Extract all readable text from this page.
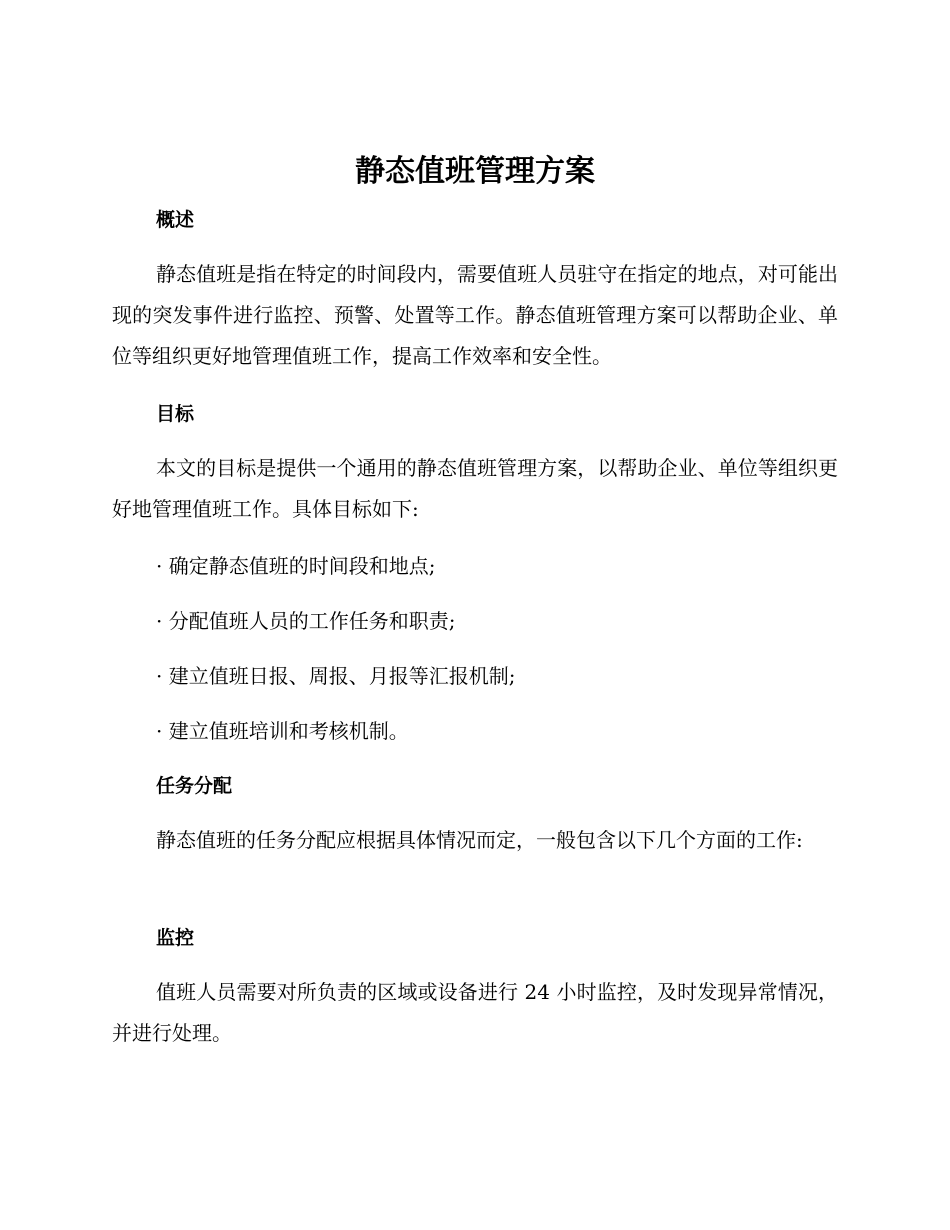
静态值班管理方案
概述

静态值班是指在特定的时间段内，需要值班人员驻守在指定的地点，对可能出现的突发事件进行监控、预警、处置等工作。静态值班管理方案可以帮助企业、单位等组织更好地管理值班工作，提高工作效率和安全性。

目标

本文的目标是提供一个通用的静态值班管理方案，以帮助企业、单位等组织更好地管理值班工作。具体目标如下:

· 确定静态值班的时间段和地点;

· 分配值班人员的工作任务和职责;

· 建立值班日报、周报、月报等汇报机制;

· 建立值班培训和考核机制。

任务分配

静态值班的任务分配应根据具体情况而定，一般包含以下几个方面的工作:

监控

值班人员需要对所负责的区域或设备进行 24 小时监控，及时发现异常情况，并进行处理。
